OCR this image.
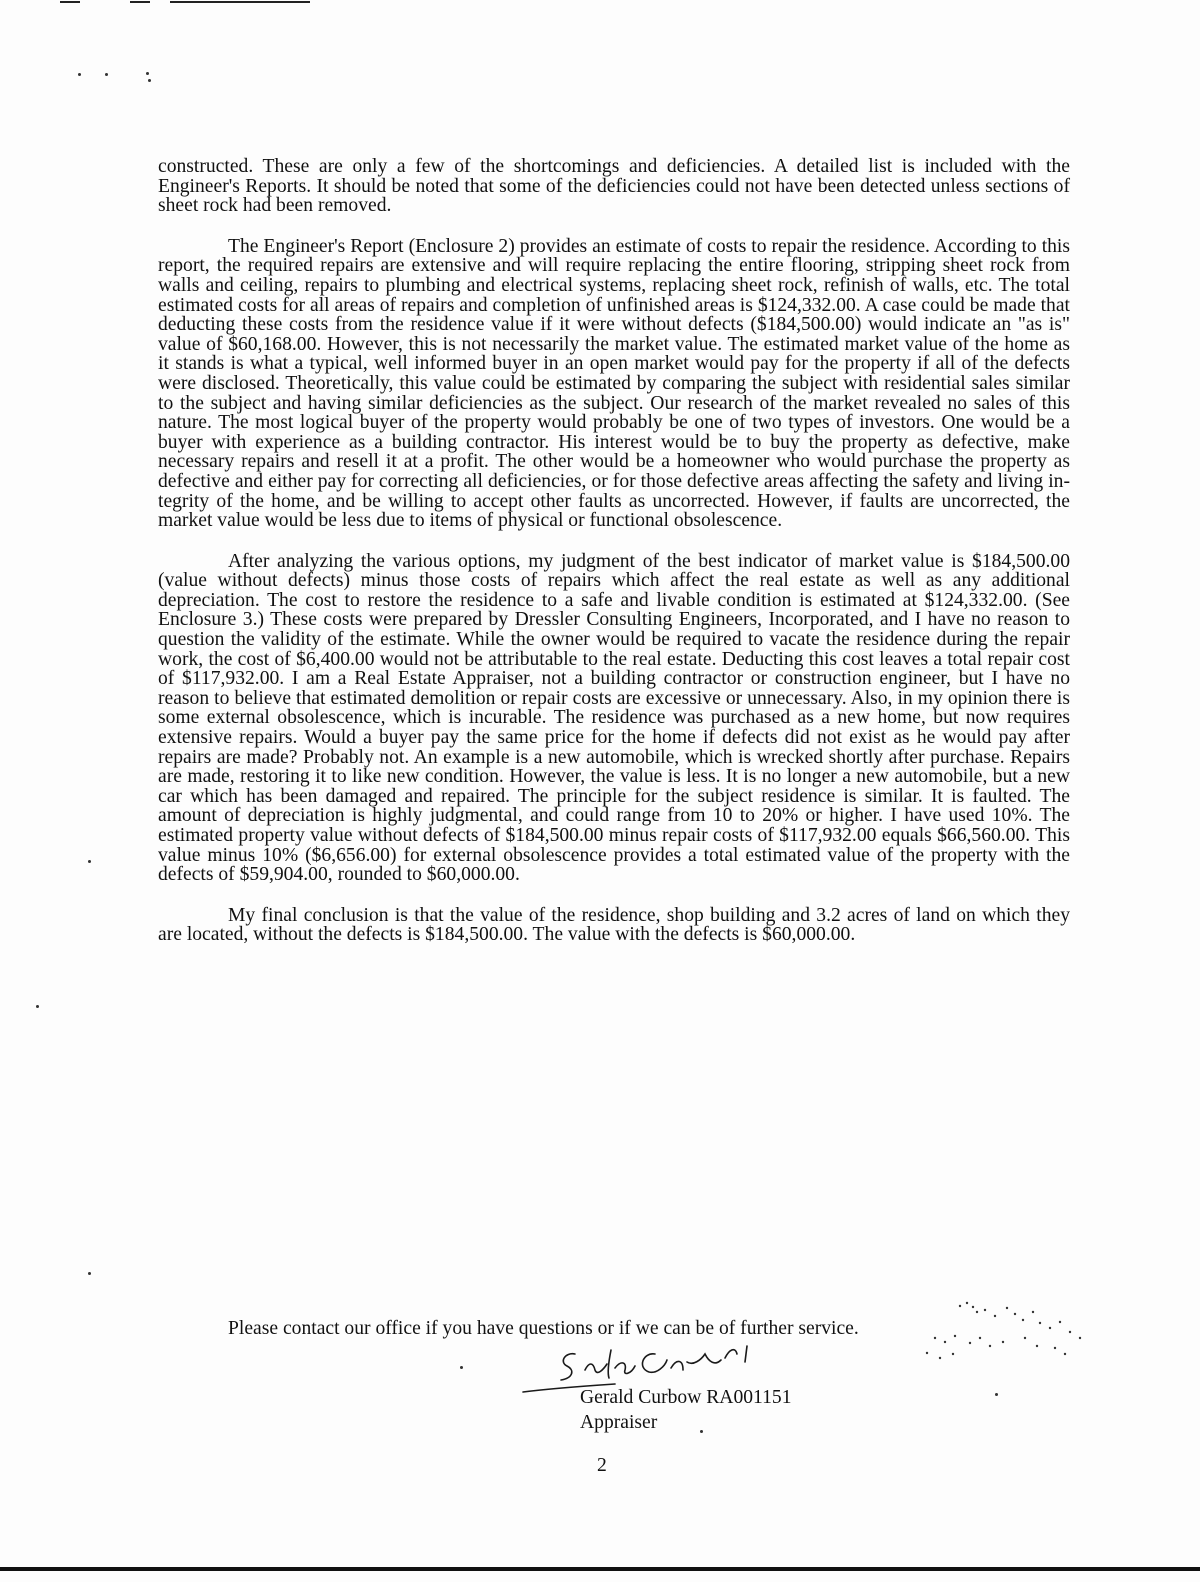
constructed. These are only a few of the shortcomings and deficiencies. A detailed list is included with the Engineer's Reports. It should be noted that some of the deficiencies could not have been detected unless sections of sheet rock had been removed.

The Engineer's Report (Enclosure 2) provides an estimate of costs to repair the residence. According to this report, the required repairs are extensive and will require replacing the entire flooring, stripping sheet rock from walls and ceiling, repairs to plumbing and electrical systems, replacing sheet rock, refinish of walls, etc. The total estimated costs for all areas of repairs and completion of unfinished areas is $124,332.00. A case could be made that deducting these costs from the residence value if it were without defects ($184,500.00) would indicate an "as is" value of $60,168.00. However, this is not necessarily the market value. The estimated market value of the home as it stands is what a typical, well informed buyer in an open market would pay for the property if all of the defects were disclosed. Theoretically, this value could be estimated by comparing the subject with residential sales similar to the subject and having similar deficiencies as the subject. Our research of the market revealed no sales of this nature. The most logical buyer of the property would probably be one of two types of investors. One would be a buyer with experience as a building contractor. His interest would be to buy the property as defective, make necessary repairs and resell it at a profit. The other would be a homeowner who would purchase the property as defective and either pay for correcting all deficiencies, or for those defective areas affecting the safety and living integrity of the home, and be willing to accept other faults as uncorrected. However, if faults are uncorrected, the market value would be less due to items of physical or functional obsolescence.

After analyzing the various options, my judgment of the best indicator of market value is $184,500.00 (value without defects) minus those costs of repairs which affect the real estate as well as any additional depreciation. The cost to restore the residence to a safe and livable condition is estimated at $124,332.00. (See Enclosure 3.) These costs were prepared by Dressler Consulting Engineers, Incorporated, and I have no reason to question the validity of the estimate. While the owner would be required to vacate the residence during the repair work, the cost of $6,400.00 would not be attributable to the real estate. Deducting this cost leaves a total repair cost of $117,932.00. I am a Real Estate Appraiser, not a building contractor or construction engineer, but I have no reason to believe that estimated demolition or repair costs are excessive or unnecessary. Also, in my opinion there is some external obsolescence, which is incurable. The residence was purchased as a new home, but now requires extensive repairs. Would a buyer pay the same price for the home if defects did not exist as he would pay after repairs are made? Probably not. An example is a new automobile, which is wrecked shortly after purchase. Repairs are made, restoring it to like new condition. However, the value is less. It is no longer a new automobile, but a new car which has been damaged and repaired. The principle for the subject residence is similar. It is faulted. The amount of depreciation is highly judgmental, and could range from 10 to 20% or higher. I have used 10%. The estimated property value without defects of $184,500.00 minus repair costs of $117,932.00 equals $66,560.00. This value minus 10% ($6,656.00) for external obsolescence provides a total estimated value of the property with the defects of $59,904.00, rounded to $60,000.00.

My final conclusion is that the value of the residence, shop building and 3.2 acres of land on which they are located, without the defects is $184,500.00. The value with the defects is $60,000.00.

Please contact our office if you have questions or if we can be of further service.
Gerald Curbow RA001151
Appraiser
2
